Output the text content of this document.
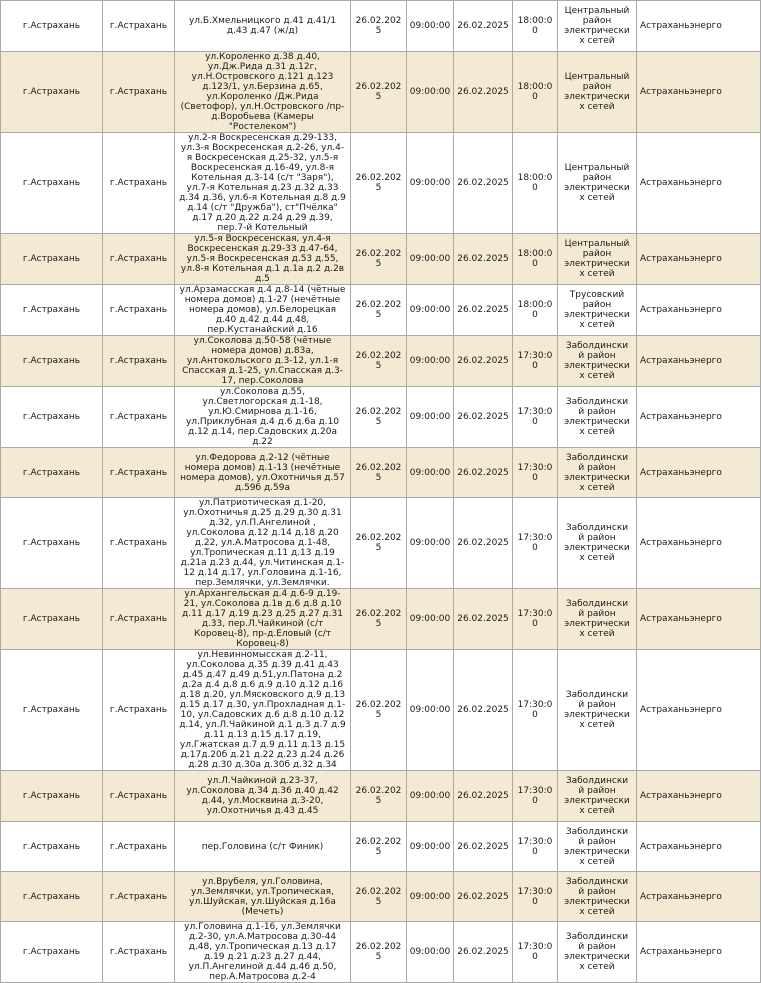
г.Астрахань	г.Астрахань	ул.Б.Хмельницкого д.41 д.41/1 д.43 д.47 (ж/д)	26.02.2025	09:00:00	26.02.2025	18:00:00	Центральный район электрических сетей	Астраханьэнерго
г.Астрахань	г.Астрахань	ул.Короленко д.38 д.40, ул.Дж.Рида д.31 д.12г, ул.Н.Островского д.121 д.123 д.123/1, ул.Берзина д.65, ул.Короленко /Дж.Рида (Светофор), ул.Н.Островского /пр-д.Воробьева (Камеры "Ростелеком")	26.02.2025	09:00:00	26.02.2025	18:00:00	Центральный район электрических сетей	Астраханьэнерго
г.Астрахань	г.Астрахань	ул.2-я Воскресенская д.29-133, ул.3-я Воскресенская д.2-26, ул.4-я Воскресенская д.25-32, ул.5-я Воскресенская д.16-49, ул.8-я Котельная д.3-14 (с/т "Заря"), ул.7-я Котельная д.23 д.32 д.33 д.34 д.36, ул.6-я Котельная д.8 д.9 д.14 (с/т "Дружба"), ст"Пчёлка" д.17 д.20 д.22 д.24 д.29 д.39, пер.7-й Котельный	26.02.2025	09:00:00	26.02.2025	18:00:00	Центральный район электрических сетей	Астраханьэнерго
г.Астрахань	г.Астрахань	ул.5-я Воскресенская, ул.4-я Воскресенская д.29-33 д.47-64, ул.5-я Воскресенская д.53 д.55, ул.8-я Котельная д.1 д.1а д.2 д.2в д.5	26.02.2025	09:00:00	26.02.2025	18:00:00	Центральный район электрических сетей	Астраханьэнерго
г.Астрахань	г.Астрахань	ул.Арзамасская д.4 д.8-14 (чётные номера домов) д.1-27 (нечётные номера домов), ул.Белорецкая д.40 д.42 д.44 д.48, пер.Кустанайский д.16	26.02.2025	09:00:00	26.02.2025	18:00:00	Трусовский район электрических сетей	Астраханьэнерго
г.Астрахань	г.Астрахань	ул.Соколова д.50-58 (чётные номера домов) д.83а, ул.Антокольского д.3-12, ул.1-я Спасская д.1-25, ул.Спасская д.3-17, пер.Соколова	26.02.2025	09:00:00	26.02.2025	17:30:00	Заболдинский район электрических сетей	Астраханьэнерго
г.Астрахань	г.Астрахань	ул.Соколова д.55, ул.Светлогорская д.1-18, ул.Ю.Смирнова д.1-16, ул.Приклубная д.4 д.6 д.6а д.10 д.12 д.14, пер.Садовских д.20а д.22	26.02.2025	09:00:00	26.02.2025	17:30:00	Заболдинский район электрических сетей	Астраханьэнерго
г.Астрахань	г.Астрахань	ул.Федорова д.2-12 (чётные номера домов) д.1-13 (нечётные номера домов), ул.Охотничья д.57 д.59б д.59а	26.02.2025	09:00:00	26.02.2025	17:30:00	Заболдинский район электрических сетей	Астраханьэнерго
г.Астрахань	г.Астрахань	ул.Патриотическая д.1-20, ул.Охотничья д.25 д.29 д.30 д.31 д.32, ул.П.Ангелиной , ул.Соколова д.12 д.14 д.18 д.20 д.22, ул.А.Матросова д.1-48, ул.Тропическая д.11 д.13 д.19 д.21а д.23 д.44, ул.Читинская д.1-12 д.14 д.17, ул.Головина д.1-16, пер.Землячки, ул.Землячки.	26.02.2025	09:00:00	26.02.2025	17:30:00	Заболдинский район электрических сетей	Астраханьэнерго
г.Астрахань	г.Астрахань	ул.Архангельская д.4 д.6-9 д.19-21, ул.Соколова д.1в д.6 д.8 д.10 д.11 д.17 д.19 д.23 д.25 д.27 д.31 д.33, пер.Л.Чайкиной (с/т Коровец-8), пр-д.Еловый (с/т Коровец-8)	26.02.2025	09:00:00	26.02.2025	17:30:00	Заболдинский район электрических сетей	Астраханьэнерго
г.Астрахань	г.Астрахань	ул.Невинномысская д.2-11, ул.Соколова д.35 д.39 д.41 д.43 д.45 д.47 д.49 д.51,ул.Патона д.2 д.2а д.4 д.8 д.6 д.9 д.10 д.12 д.16 д.18 д.20, ул.Мясковского д.9 д.13 д.15 д.17 д.30, ул.Прохладная д.1-10, ул.Садовских д.6 д.8 д.10 д.12 д.14, ул.Л.Чайкиной д.1 д.3 д.7 д.9 д.11 д.13 д.15 д.17 д.19, ул.Гжатская д.7 д.9 д.11 д.13 д.15 д.17д.20б д.21 д.22 д.23 д.24 д.26 д.28 д.30 д.30а д.30б д.32 д.34	26.02.2025	09:00:00	26.02.2025	17:30:00	Заболдинский район электрических сетей	Астраханьэнерго
г.Астрахань	г.Астрахань	ул.Л.Чайкиной д.23-37, ул.Соколова д.34 д.36 д.40 д.42 д.44, ул.Москвина д.3-20, ул.Охотничья д.43 д.45	26.02.2025	09:00:00	26.02.2025	17:30:00	Заболдинский район электрических сетей	Астраханьэнерго
г.Астрахань	г.Астрахань	пер.Головина (с/т Финик)	26.02.2025	09:00:00	26.02.2025	17:30:00	Заболдинский район электрических сетей	Астраханьэнерго
г.Астрахань	г.Астрахань	ул.Врубеля, ул.Головина, ул.Землячки, ул.Тропическая, ул.Шуйская, ул.Шуйская д.16а (Мечеть)	26.02.2025	09:00:00	26.02.2025	17:30:00	Заболдинский район электрических сетей	Астраханьэнерго
г.Астрахань	г.Астрахань	ул.Головина д.1-16, ул.Землячки д.2-30, ул.А.Матросова д.30-44 д.48, ул.Тропическая д.13 д.17 д.19 д.21 д.23 д.27 д.44, ул.П.Ангелиной д.44 д.46 д.50, пер.А.Матросова д.2-4	26.02.2025	09:00:00	26.02.2025	17:30:00	Заболдинский район электрических сетей	Астраханьэнерго
